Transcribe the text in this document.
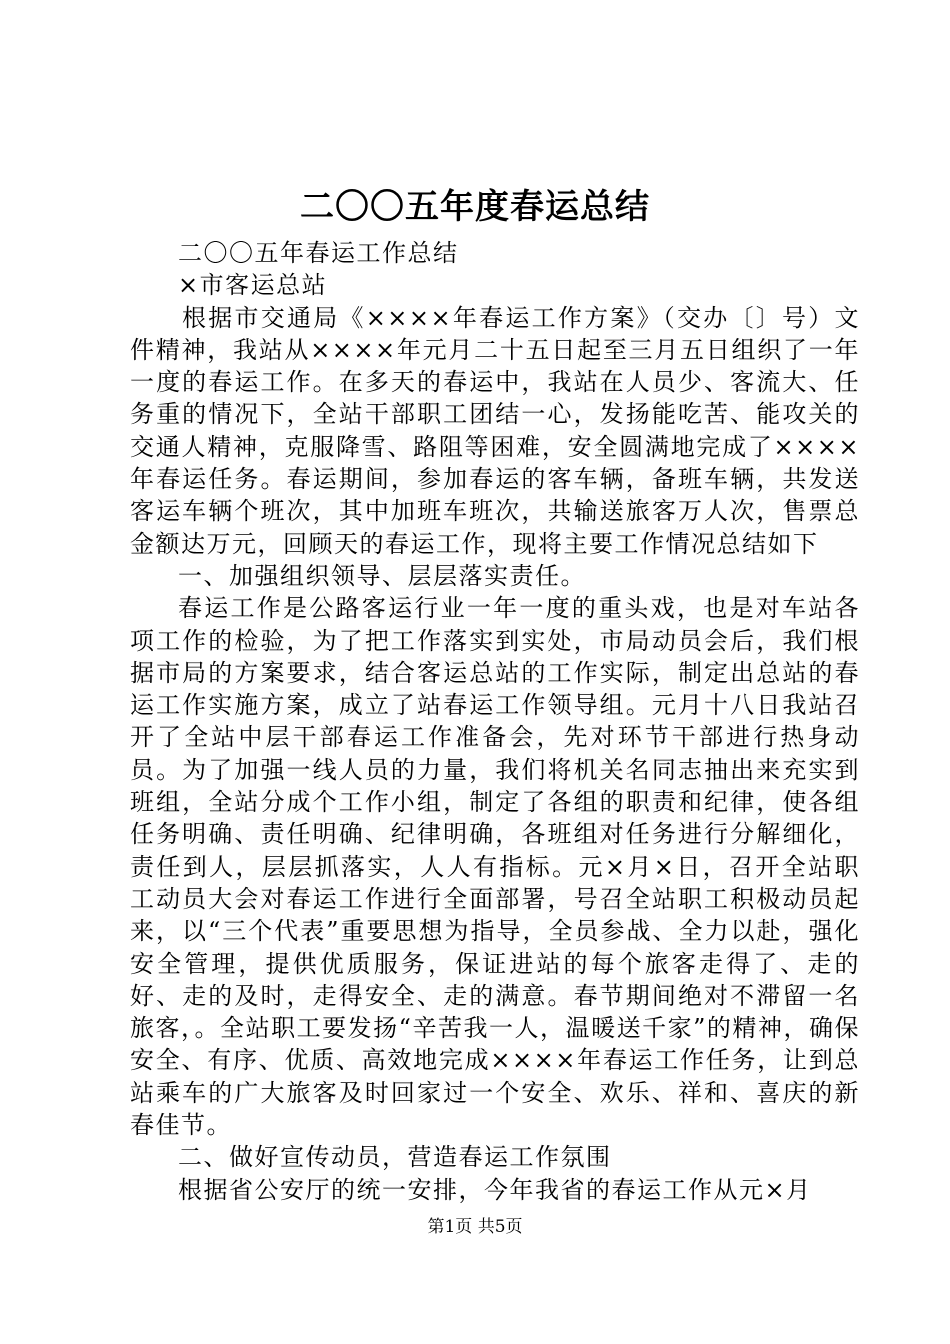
二〇〇五年度春运总结

二〇〇五年春运工作总结

×市客运总站

根据市交通局《××××年春运工作方案》（交办〔〕号）文件精神，我站从××××年元月二十五日起至三月五日组织了一年一度的春运工作。在多天的春运中，我站在人员少、客流大、任务重的情况下，全站干部职工团结一心，发扬能吃苦、能攻关的交通人精神，克服降雪、路阻等困难，安全圆满地完成了××××年春运任务。春运期间，参加春运的客车辆，备班车辆，共发送客运车辆个班次，其中加班车班次，共输送旅客万人次，售票总金额达万元，回顾天的春运工作，现将主要工作情况总结如下

一、加强组织领导、层层落实责任。

春运工作是公路客运行业一年一度的重头戏，也是对车站各项工作的检验，为了把工作落实到实处，市局动员会后，我们根据市局的方案要求，结合客运总站的工作实际，制定出总站的春运工作实施方案，成立了站春运工作领导组。元月十八日我站召开了全站中层干部春运工作准备会，先对环节干部进行热身动员。为了加强一线人员的力量，我们将机关名同志抽出来充实到班组，全站分成个工作小组，制定了各组的职责和纪律，使各组任务明确、责任明确、纪律明确，各班组对任务进行分解细化，责任到人，层层抓落实，人人有指标。元×月×日，召开全站职工动员大会对春运工作进行全面部署，号召全站职工积极动员起来，以“三个代表”重要思想为指导，全员参战、全力以赴，强化安全管理，提供优质服务，保证进站的每个旅客走得了、走的好、走的及时，走得安全、走的满意。春节期间绝对不滞留一名旅客，。全站职工要发扬“辛苦我一人，温暖送千家”的精神，确保安全、有序、优质、高效地完成××××年春运工作任务，让到总站乘车的广大旅客及时回家过一个安全、欢乐、祥和、喜庆的新春佳节。

二、做好宣传动员，营造春运工作氛围

根据省公安厅的统一安排，今年我省的春运工作从元×月

第1页 共5页
